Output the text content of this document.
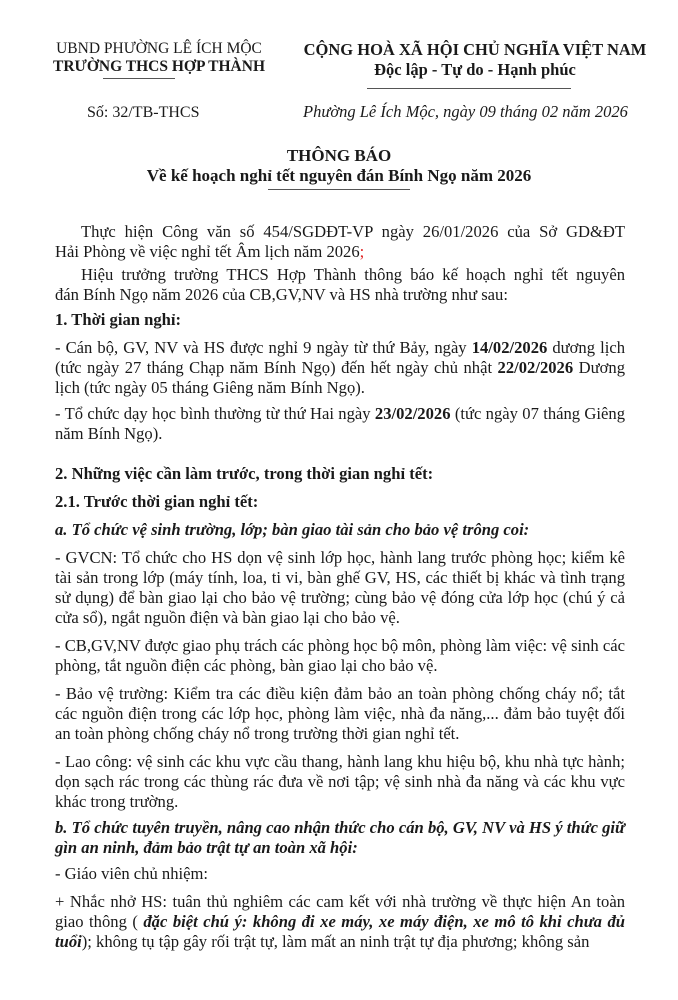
UBND PHƯỜNG LÊ ÍCH MỘC
TRƯỜNG THCS HỢP THÀNH
Số: 32/TB-THCS
CỘNG HOÀ XÃ HỘI CHỦ NGHĨA VIỆT NAM
Độc lập - Tự do - Hạnh phúc
Phường Lê Ích Mộc, ngày 09 tháng 02 năm 2026
THÔNG BÁO
Về kế hoạch nghỉ tết nguyên đán Bính Ngọ năm 2026

Thực hiện Công văn số 454/SGDĐT-VP ngày 26/01/2026 của Sở GD&ĐT

Hải Phòng về việc nghỉ tết Âm lịch năm 2026;

Hiệu trưởng trường THCS Hợp Thành thông báo kế hoạch nghỉ tết nguyên

đán Bính Ngọ năm 2026 của CB,GV,NV và HS nhà trường như sau:

1. Thời gian nghỉ:

- Cán bộ, GV, NV và HS được nghỉ 9 ngày từ thứ Bảy, ngày 14/02/2026 dương lịch (tức ngày 27 tháng Chạp năm Bính Ngọ) đến hết ngày chủ nhật 22/02/2026 Dương lịch (tức ngày 05 tháng Giêng năm Bính Ngọ).

- Tổ chức dạy học bình thường từ thứ Hai ngày 23/02/2026 (tức ngày 07 tháng Giêng năm Bính Ngọ).

2. Những việc cần làm trước, trong thời gian nghỉ tết:
2.1. Trước thời gian nghỉ tết:
a. Tổ chức vệ sinh trường, lớp; bàn giao tài sản cho bảo vệ trông coi:
- GVCN: Tổ chức cho HS dọn vệ sinh lớp học, hành lang trước phòng học; kiểm kê tài sản trong lớp (máy tính, loa, ti vi, bàn ghế GV, HS, các thiết bị khác và tình trạng sử dụng) để bàn giao lại cho bảo vệ trường; cùng bảo vệ đóng cửa lớp học (chú ý cả cửa sổ), ngắt nguồn điện và bàn giao lại cho bảo vệ.
- CB,GV,NV được giao phụ trách các phòng học bộ môn, phòng làm việc: vệ sinh các phòng, tắt nguồn điện các phòng, bàn giao lại cho bảo vệ.
- Bảo vệ trường: Kiểm tra các điều kiện đảm bảo an toàn phòng chống cháy nổ; tắt các nguồn điện trong các lớp học, phòng làm việc, nhà đa năng,... đảm bảo tuyệt đối an toàn phòng chống cháy nổ trong trường thời gian nghỉ tết.
- Lao công: vệ sinh các khu vực cầu thang, hành lang khu hiệu bộ, khu nhà tực hành; dọn sạch rác trong các thùng rác đưa về nơi tập; vệ sinh nhà đa năng và các khu vực khác trong trường.
b. Tổ chức tuyên truyền, nâng cao nhận thức cho cán bộ, GV, NV và HS ý thức giữ gìn an ninh, đảm bảo trật tự an toàn xã hội:
- Giáo viên chủ nhiệm:

+ Nhắc nhở HS: tuân thủ nghiêm các cam kết với nhà trường về thực hiện An toàn giao thông ( đặc biệt chú ý: không đi xe máy, xe máy điện, xe mô tô khi chưa đủ tuổi); không tụ tập gây rối trật tự, làm mất an ninh trật tự địa phương; không sản
